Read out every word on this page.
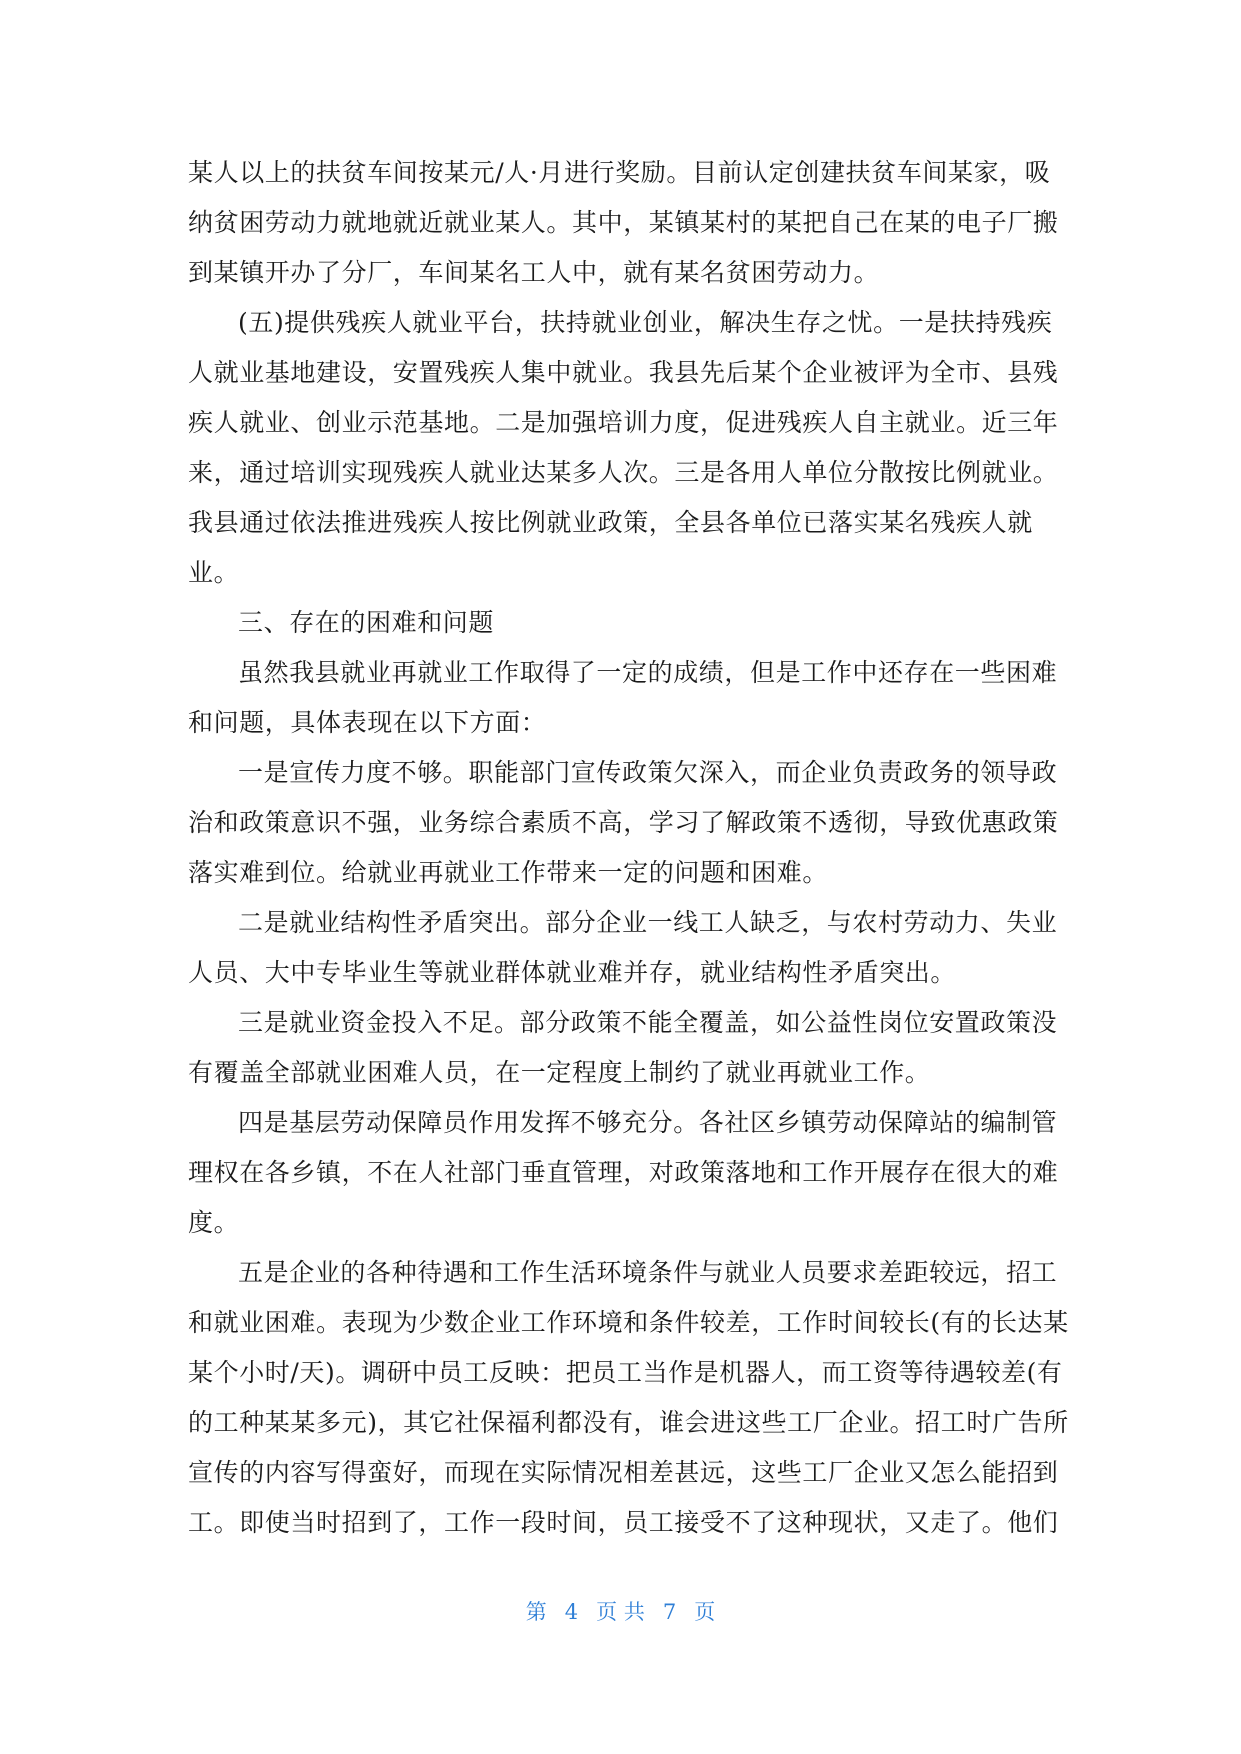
某人以上的扶贫车间按某元/人·月进行奖励。目前认定创建扶贫车间某家，吸
纳贫困劳动力就地就近就业某人。其中，某镇某村的某把自己在某的电子厂搬
到某镇开办了分厂，车间某名工人中，就有某名贫困劳动力。
(五)提供残疾人就业平台，扶持就业创业，解决生存之忧。一是扶持残疾
人就业基地建设，安置残疾人集中就业。我县先后某个企业被评为全市、县残
疾人就业、创业示范基地。二是加强培训力度，促进残疾人自主就业。近三年
来，通过培训实现残疾人就业达某多人次。三是各用人单位分散按比例就业。
我县通过依法推进残疾人按比例就业政策，全县各单位已落实某名残疾人就
业。
三、存在的困难和问题
虽然我县就业再就业工作取得了一定的成绩，但是工作中还存在一些困难
和问题，具体表现在以下方面：
一是宣传力度不够。职能部门宣传政策欠深入，而企业负责政务的领导政
治和政策意识不强，业务综合素质不高，学习了解政策不透彻，导致优惠政策
落实难到位。给就业再就业工作带来一定的问题和困难。
二是就业结构性矛盾突出。部分企业一线工人缺乏，与农村劳动力、失业
人员、大中专毕业生等就业群体就业难并存，就业结构性矛盾突出。
三是就业资金投入不足。部分政策不能全覆盖，如公益性岗位安置政策没
有覆盖全部就业困难人员，在一定程度上制约了就业再就业工作。
四是基层劳动保障员作用发挥不够充分。各社区乡镇劳动保障站的编制管
理权在各乡镇，不在人社部门垂直管理，对政策落地和工作开展存在很大的难
度。
五是企业的各种待遇和工作生活环境条件与就业人员要求差距较远，招工
和就业困难。表现为少数企业工作环境和条件较差，工作时间较长(有的长达某
某个小时/天)。调研中员工反映：把员工当作是机器人，而工资等待遇较差(有
的工种某某多元)，其它社保福利都没有，谁会进这些工厂企业。招工时广告所
宣传的内容写得蛮好，而现在实际情况相差甚远，这些工厂企业又怎么能招到
工。即使当时招到了，工作一段时间，员工接受不了这种现状，又走了。他们
第 4 页 共 7 页
